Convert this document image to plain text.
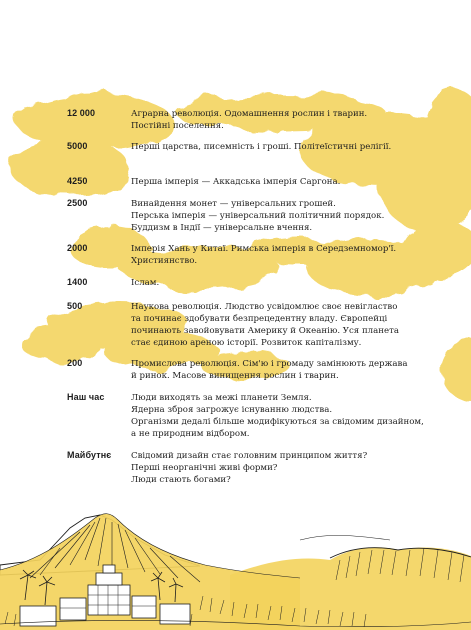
12 000	Аграрна революція. Одомашнення рослин і тварин.
Постійні поселення.
5000	Перші царства, писемність і гроші. Політеїстичні релігії.
4250	Перша імперія — Аккадська імперія Саргона.
2500	Винайдення монет — універсальних грошей.
Перська імперія — універсальний політичний порядок.
Буддизм в Індії — універсальне вчення.
2000	Імперія Хань у Китаї. Римська імперія в Середземномор'ї.
Християнство.
1400	Іслам.
500	Наукова революція. Людство усвідомлює своє невігластво
та починає здобувати безпрецедентну владу. Європейці
починають завойовувати Америку й Океанію. Уся планета
стає єдиною ареною історії. Розвиток капіталізму.
200	Промислова революція. Сім'ю і громаду замінюють держава
й ринок. Масове винищення рослин і тварин.
Наш час	Люди виходять за межі планети Земля.
Ядерна зброя загрожує існуванню людства.
Організми дедалі більше модифікуються за свідомим дизайном,
а не природним відбором.
Майбутнє Свідомий дизайн стає головним принципом життя?
Перші неорганічні живі форми?
Люди стають богами?
